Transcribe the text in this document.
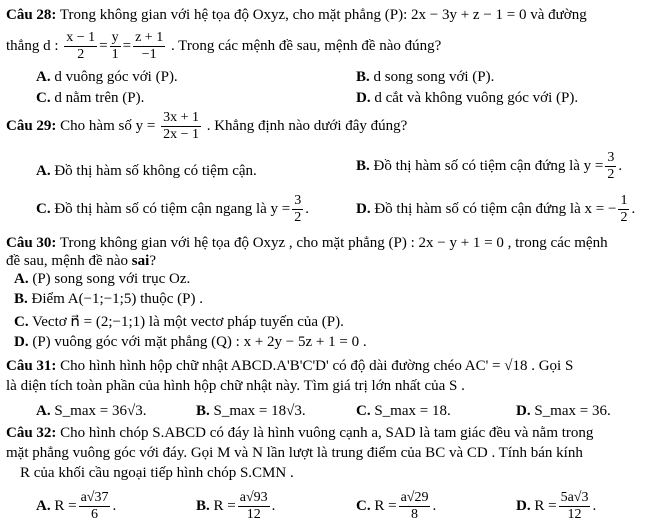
Câu 28: Trong không gian với hệ tọa độ Oxyz, cho mặt phẳng (P): 2x − 3y + z − 1 = 0 và đường
thẳng d : $\frac{x - 1}{2} = \frac{y}{1} = \frac{z + 1}{-1}$ . Trong các mệnh đề sau, mệnh đề nào đúng?
A. d vuông góc với (P).	B. d song song với (P).
C. d nằm trên (P).	D. d cắt và không vuông góc với (P).
Câu 29: Cho hàm số $y = \frac{3x + 1}{2x - 1}$ . Khẳng định nào dưới đây đúng?
A. Đồ thị hàm số không có tiệm cận.	B. Đồ thị hàm số có tiệm cận đứng là $y = \frac{3}{2}$ .
C. Đồ thị hàm số có tiệm cận ngang là $y = \frac{3}{2}$ .	D. Đồ thị hàm số có tiệm cận đứng là x = − $\frac{1}{2}$ .
Câu 30: Trong không gian với hệ tọa độ Oxyz , cho mặt phẳng (P) : 2x − y + 1 = 0 , trong các mệnh
đề sau, mệnh đề nào sai?
A. (P) song song với trục Oz.
B. Điểm A(−1;−1;5) thuộc (P) .
C. Vectơ n⃗ = (2;−1;1) là một vectơ pháp tuyến của (P).
D. (P) vuông góc với mặt phẳng (Q) : x + 2y − 5z + 1 = 0 .
Câu 31: Cho hình hình hộp chữ nhật ABCD.A'B'C'D' có độ dài đường chéo AC' = √18 . Gọi S
là diện tích toàn phần của hình hộp chữ nhật này. Tìm giá trị lớn nhất của S .
A. S_max = 36√3.	B. S_max = 18√3.	C. S_max = 18.	D. S_max = 36.
Câu 32: Cho hình chóp S.ABCD có đáy là hình vuông cạnh a, SAD là tam giác đều và nằm trong
mặt phẳng vuông góc với đáy. Gọi M và N lần lượt là trung điểm của BC và CD . Tính bán kính
R của khối cầu ngoại tiếp hình chóp S.CMN .
A. $R = \frac{a√37}{6}$ .	B. $R = \frac{a√93}{12}$ .	C. $R = \frac{a√29}{8}$ .	D. $R = \frac{5a√3}{12}$ .
